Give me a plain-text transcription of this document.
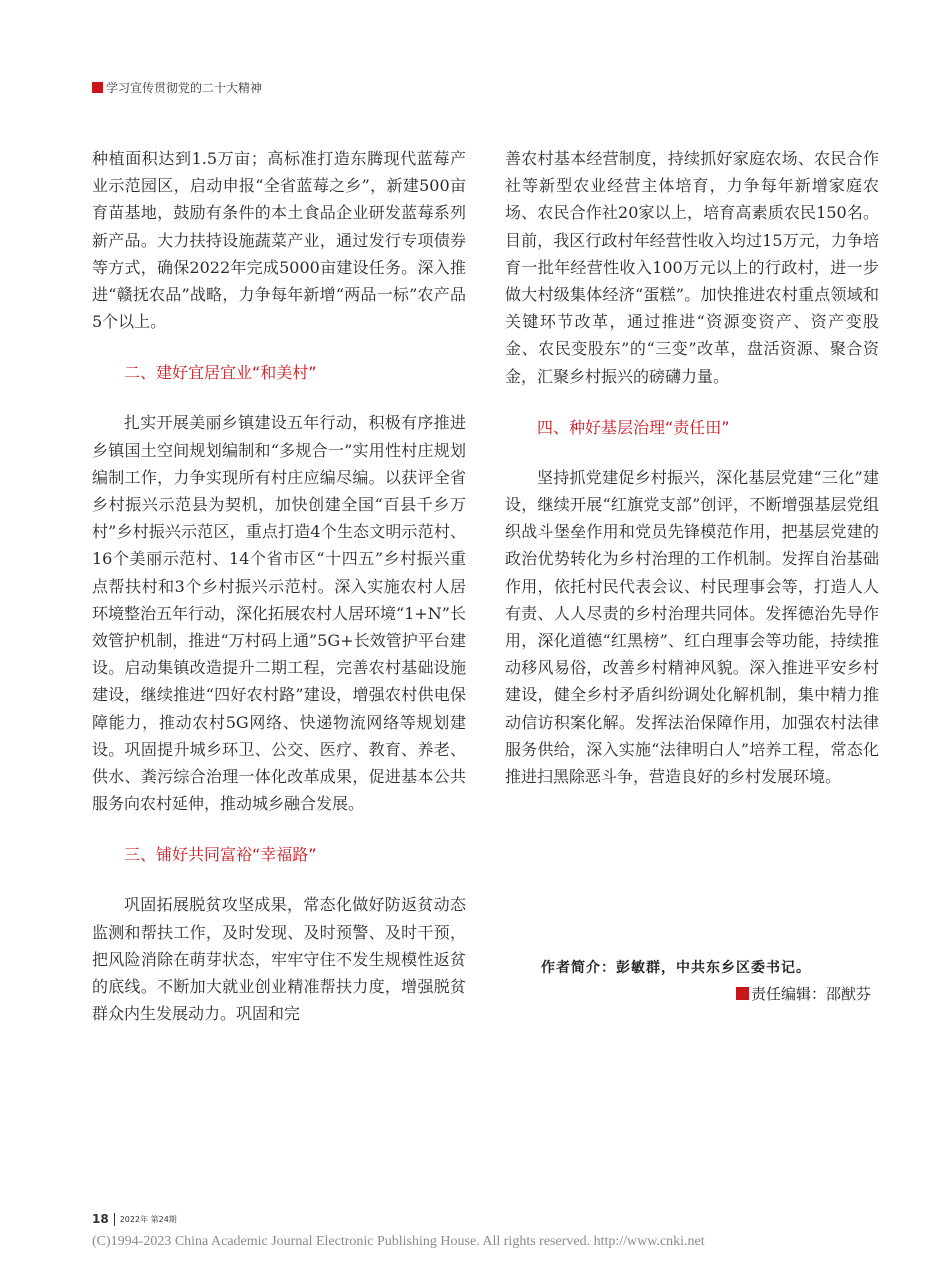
学习宣传贯彻党的二十大精神

种植面积达到1.5万亩；高标准打造东腾现代蓝莓产业示范园区，启动申报“全省蓝莓之乡”，新建500亩育苗基地，鼓励有条件的本土食品企业研发蓝莓系列新产品。大力扶持设施蔬菜产业，通过发行专项债券等方式，确保2022年完成5000亩建设任务。深入推进“赣抚农品”战略，力争每年新增“两品一标”农产品5个以上。

二、建好宜居宜业“和美村”

扎实开展美丽乡镇建设五年行动，积极有序推进乡镇国土空间规划编制和“多规合一”实用性村庄规划编制工作，力争实现所有村庄应编尽编。以获评全省乡村振兴示范县为契机，加快创建全国“百县千乡万村”乡村振兴示范区，重点打造4个生态文明示范村、16个美丽示范村、14个省市区“十四五”乡村振兴重点帮扶村和3个乡村振兴示范村。深入实施农村人居环境整治五年行动，深化拓展农村人居环境“1+N”长效管护机制，推进“万村码上通”5G+长效管护平台建设。启动集镇改造提升二期工程，完善农村基础设施建设，继续推进“四好农村路”建设，增强农村供电保障能力，推动农村5G网络、快递物流网络等规划建设。巩固提升城乡环卫、公交、医疗、教育、养老、供水、粪污综合治理一体化改革成果，促进基本公共服务向农村延伸，推动城乡融合发展。

三、铺好共同富裕“幸福路”

巩固拓展脱贫攻坚成果，常态化做好防返贫动态监测和帮扶工作，及时发现、及时预警、及时干预，把风险消除在萌芽状态，牢牢守住不发生规模性返贫的底线。不断加大就业创业精准帮扶力度，增强脱贫群众内生发展动力。巩固和完

善农村基本经营制度，持续抓好家庭农场、农民合作社等新型农业经营主体培育，力争每年新增家庭农场、农民合作社20家以上，培育高素质农民150名。目前，我区行政村年经营性收入均过15万元，力争培育一批年经营性收入100万元以上的行政村，进一步做大村级集体经济“蛋糕”。加快推进农村重点领域和关键环节改革，通过推进“资源变资产、资产变股金、农民变股东”的“三变”改革，盘活资源、聚合资金，汇聚乡村振兴的磅礴力量。

四、种好基层治理“责任田”

坚持抓党建促乡村振兴，深化基层党建“三化”建设，继续开展“红旗党支部”创评，不断增强基层党组织战斗堡垒作用和党员先锋模范作用，把基层党建的政治优势转化为乡村治理的工作机制。发挥自治基础作用，依托村民代表会议、村民理事会等，打造人人有责、人人尽责的乡村治理共同体。发挥德治先导作用，深化道德“红黑榜”、红白理事会等功能，持续推动移风易俗，改善乡村精神风貌。深入推进平安乡村建设，健全乡村矛盾纠纷调处化解机制，集中精力推动信访积案化解。发挥法治保障作用，加强农村法律服务供给，深入实施“法律明白人”培养工程，常态化推进扫黑除恶斗争，营造良好的乡村发展环境。

作者简介：彭敏群，中共东乡区委书记。
责任编辑：邵猷芬
18 2022年 第24期
(C)1994-2023 China Academic Journal Electronic Publishing House. All rights reserved. http://www.cnki.net
